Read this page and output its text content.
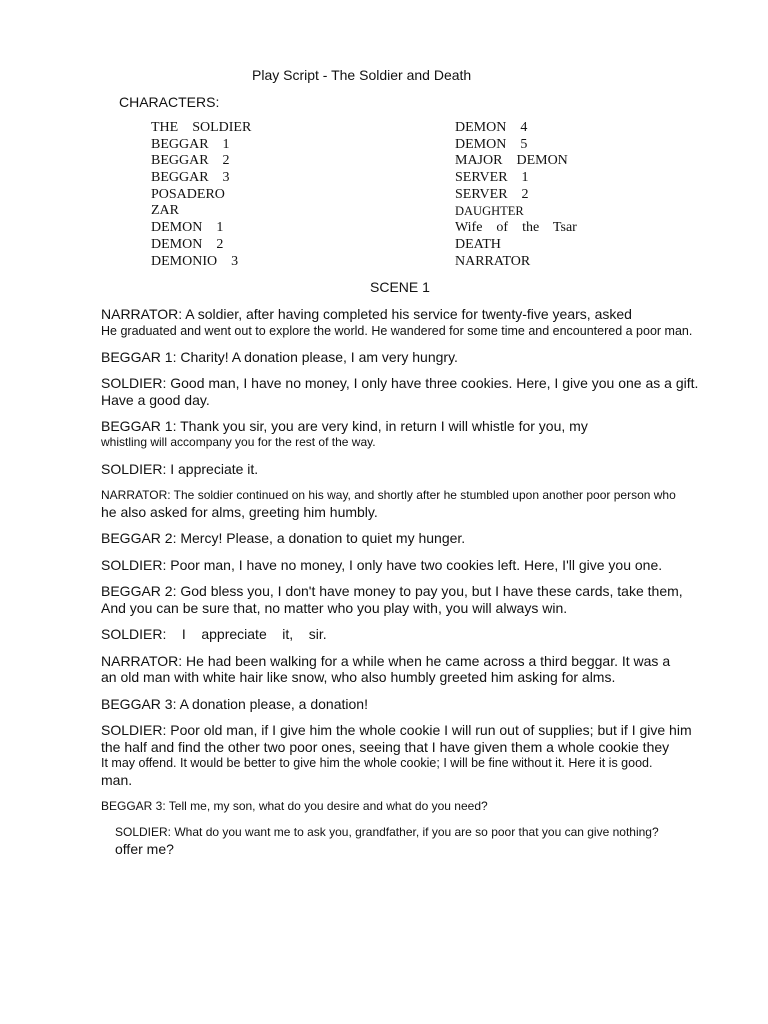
Play Script - The Soldier and Death
CHARACTERS:
THE    SOLDIER
BEGGAR    1
BEGGAR    2
BEGGAR    3
POSADERO
ZAR
DEMON    1
DEMON    2
DEMONIO    3
DEMON    4
DEMON    5
MAJOR    DEMON
SERVER    1
SERVER    2
DAUGHTER
Wife    of    the    Tsar
DEATH
NARRATOR
SCENE 1
NARRATOR: A soldier, after having completed his service for twenty-five years, asked
He graduated and went out to explore the world. He wandered for some time and encountered a poor man.
BEGGAR 1: Charity! A donation please, I am very hungry.
SOLDIER: Good man, I have no money, I only have three cookies. Here, I give you one as a gift.
Have a good day.
BEGGAR 1: Thank you sir, you are very kind, in return I will whistle for you, my
whistling will accompany you for the rest of the way.
SOLDIER: I appreciate it.
NARRATOR: The soldier continued on his way, and shortly after he stumbled upon another poor person who
he also asked for alms, greeting him humbly.
BEGGAR 2: Mercy! Please, a donation to quiet my hunger.
SOLDIER: Poor man, I have no money, I only have two cookies left. Here, I'll give you one.
BEGGAR 2: God bless you, I don't have money to pay you, but I have these cards, take them,
And you can be sure that, no matter who you play with, you will always win.
SOLDIER:    I    appreciate    it,    sir.
NARRATOR: He had been walking for a while when he came across a third beggar. It was a
an old man with white hair like snow, who also humbly greeted him asking for alms.
BEGGAR 3: A donation please, a donation!
SOLDIER: Poor old man, if I give him the whole cookie I will run out of supplies; but if I give him
the half and find the other two poor ones, seeing that I have given them a whole cookie they
It may offend. It would be better to give him the whole cookie; I will be fine without it. Here it is good.
man.
BEGGAR 3: Tell me, my son, what do you desire and what do you need?
SOLDIER: What do you want me to ask you, grandfather, if you are so poor that you can give nothing?
offer me?
